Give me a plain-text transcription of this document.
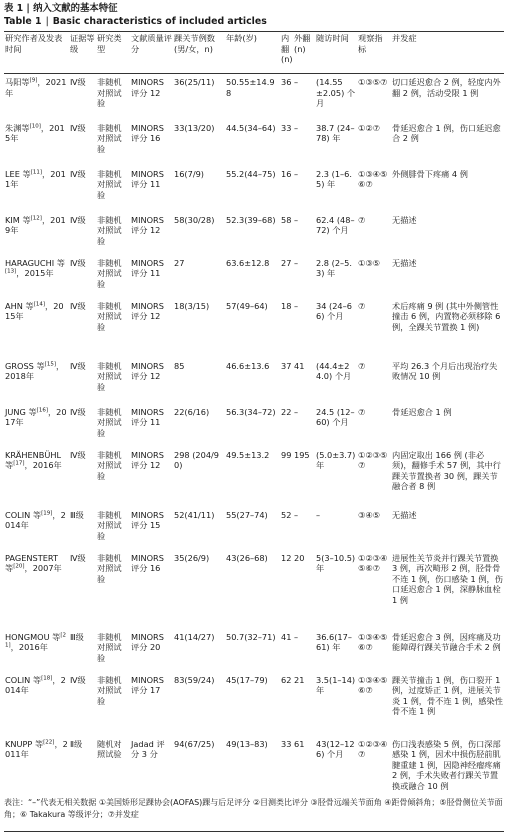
表 1 | 纳入文献的基本特征
Table 1 | Basic characteristics of included articles
研究作者及发表时间	证据等级	研究类型	文献质量评分	踝关节例数(男/女，n)	年龄(岁)	内翻(n)	外翻(n)	随访时间	观察指标	并发症
马阳等[9]，2021年	Ⅳ级	非随机对照试验	MINORS 评分 12	36(25/11)	50.55±14.98	36	–	(14.55±2.05) 个月	①③⑤⑦	切口延迟愈合 2 例，轻度内外翻 2 例，活动受限 1 例
朱渊等[10]，2015年	Ⅳ级	非随机对照试验	MINORS 评分 16	33(13/20)	44.5(34–64)	33	–	38.7 (24–78) 年	①②⑦	骨延迟愈合 1 例，伤口延迟愈合 2 例
LEE 等[11]，2011年	Ⅳ级	非随机对照试验	MINORS 评分 11	16(7/9)	55.2(44–75)	16	–	2.3 (1–6.5) 年	①③④⑤⑥⑦	外侧腓骨下疼痛 4 例
KIM 等[12]，2019年	Ⅳ级	非随机对照试验	MINORS 评分 12	58(30/28)	52.3(39–68)	58	–	62.4 (48–72) 个月	⑦	无描述
HARAGUCHI 等[13]，2015年	Ⅳ级	非随机对照试验	MINORS 评分 11	27	63.6±12.8	27	–	2.8 (2–5.3) 年	①③⑤	无描述
AHN 等[14]，2015年	Ⅳ级	非随机对照试验	MINORS 评分 12	18(3/15)	57(49–64)	18	–	34 (24–66) 个月	⑦	术后疼痛 9 例 (其中外侧管性撞击 6 例，内置物必须移除 6 例，全踝关节置换 1 例)
GROSS 等[15]，2018年	Ⅳ级	非随机对照试验	MINORS 评分 12	85	46.6±13.6	37	41	(44.4±24.0) 个月	⑦	平均 26.3 个月后出现治疗失败情况 10 例
JUNG 等[16]，2017年	Ⅳ级	非随机对照试验	MINORS 评分 11	22(6/16)	56.3(34–72)	22	–	24.5 (12–60) 个月	⑦	骨延迟愈合 1 例
KRÄHENBÜHL 等[17]，2016年	Ⅳ级	非随机对照试验	MINORS 评分 12	298 (204/90)	49.5±13.2	99	195	(5.0±3.7) 年	①②③⑤⑦	内固定取出 166 例 (非必须)，翻修手术 57 例，其中行踝关节置换者 30 例，踝关节融合者 8 例
COLIN 等[19]，2014年	Ⅲ级	非随机对照试验	MINORS 评分 15	52(41/11)	55(27–74)	52	–	–	③④⑤	无描述
PAGENSTERT 等[20]，2007年	Ⅳ级	非随机对照试验	MINORS 评分 16	35(26/9)	43(26–68)	12	20	5(3–10.5) 年	①②③④⑤⑥⑦	进展性关节炎并行踝关节置换 3 例，再次畸形 2 例，胫骨骨不连 1 例，伤口感染 1 例，伤口延迟愈合 1 例，深静脉血栓 1 例
HONGMOU 等[21]，2016年	Ⅲ级	非随机对照试验	MINORS 评分 20	41(14/27)	50.7(32–71)	41	–	36.6(17–61) 年	①③④⑤⑥⑦	骨延迟愈合 3 例，因疼痛及功能障碍行踝关节融合手术 2 例
COLIN 等[18]，2014年	Ⅳ级	非随机对照试验	MINORS 评分 17	83(59/24)	45(17–79)	62	21	3.5(1–14) 年	①③④⑤⑥⑦	踝关节撞击 1 例，伤口裂开 1 例，过度矫正 1 例，进展关节炎 1 例，骨不连 1 例，感染性骨不连 1 例
KNUPP 等[22]，2011年	Ⅱ级	随机对照试验	Jadad 评分 3 分	94(67/25)	49(13–83)	33	61	43(12–126) 个月	①②③④⑦	伤口浅表感染 5 例，伤口深部感染 1 例，因术中损伤胫前肌腱重建 1 例，因隐神经瘤疼痛 2 例，手术失败者行踝关节置换或融合 10 例
表注：“–”代表无相关数据 ①美国矫形足踝协会(AOFAS)踝与后足评分 ②目测类比评分 ③胫骨远端关节面角 ④距骨倾斜角；⑤胫骨侧位关节面角；⑥ Takakura 等级评分；⑦并发症
